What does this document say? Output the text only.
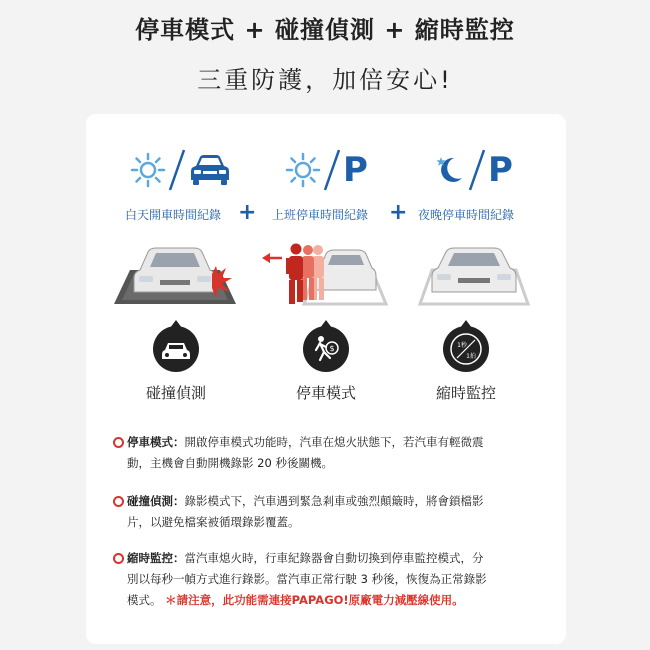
停車模式 + 碰撞偵測 + 縮時監控
三重防護，加倍安心!
P	P
白天開車時間紀錄 + 上班停車時間紀錄 + 夜晚停車時間紀錄
$	1秒
1拍
碰撞偵測	停車模式	縮時監控
停車模式：開啟停車模式功能時，汽車在熄火狀態下，若汽車有輕微震
動，主機會自動開機錄影 20 秒後關機。
碰撞偵測：錄影模式下，汽車遇到緊急剎車或強烈顛簸時，將會鎖檔影
片，以避免檔案被循環錄影覆蓋。
縮時監控：當汽車熄火時，行車紀錄器會自動切換到停車監控模式，分
別以每秒一幀方式進行錄影。當汽車正常行駛 3 秒後，恢復為正常錄影
模式。 ＊請注意，此功能需連接PAPAGO!原廠電力減壓線使用。
